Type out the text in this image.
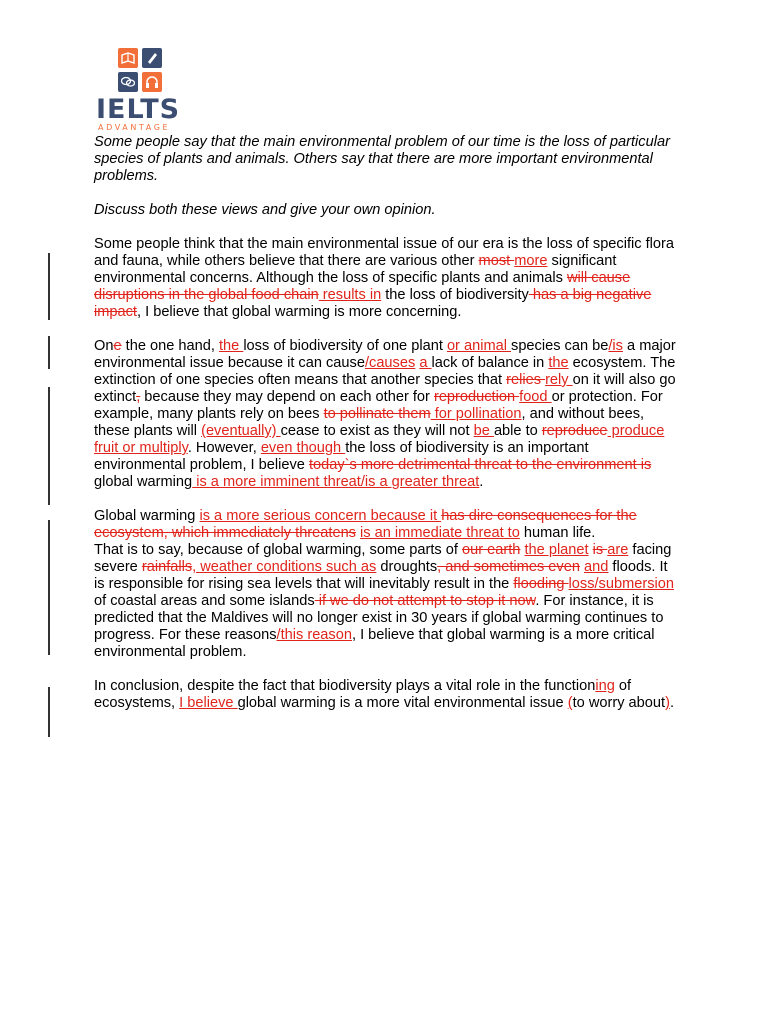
IELTS
ADVANTAGE

Some people say that the main environmental problem of our time is the loss of particular species of plants and animals. Others say that there are more important environmental problems.

Discuss both these views and give your own opinion.

Some people think that the main environmental issue of our era is the loss of specific flora and fauna, while others believe that there are various other most more significant environmental concerns. Although the loss of specific plants and animals will cause disruptions in the global food chain results in the loss of biodiversity has a big negative impact, I believe that global warming is more concerning.

One the one hand, the loss of biodiversity of one plant or animal species can be/is a major environmental issue because it can cause/causes a lack of balance in the ecosystem. The extinction of one species often means that another species that relies rely on it will also go extinct, because they may depend on each other for reproduction food or protection. For example, many plants rely on bees to pollinate them for pollination, and without bees, these plants will (eventually) cease to exist as they will not be able to reproduce produce fruit or multiply. However, even though the loss of biodiversity is an important environmental problem, I believe today`s more detrimental threat to the environment is global warming is a more imminent threat/is a greater threat.

Global warming is a more serious concern because it has dire consequences for the ecosystem, which immediately threatens is an immediate threat to human life.
That is to say, because of global warming, some parts of our earth the planet is are facing severe rainfalls, weather conditions such as droughts, and sometimes even and floods. It is responsible for rising sea levels that will inevitably result in the flooding loss/submersion of coastal areas and some islands if we do not attempt to stop it now. For instance, it is predicted that the Maldives will no longer exist in 30 years if global warming continues to progress. For these reasons/this reason, I believe that global warming is a more critical environmental problem.

In conclusion, despite the fact that biodiversity plays a vital role in the functioning of ecosystems, I believe global warming is a more vital environmental issue (to worry about).
